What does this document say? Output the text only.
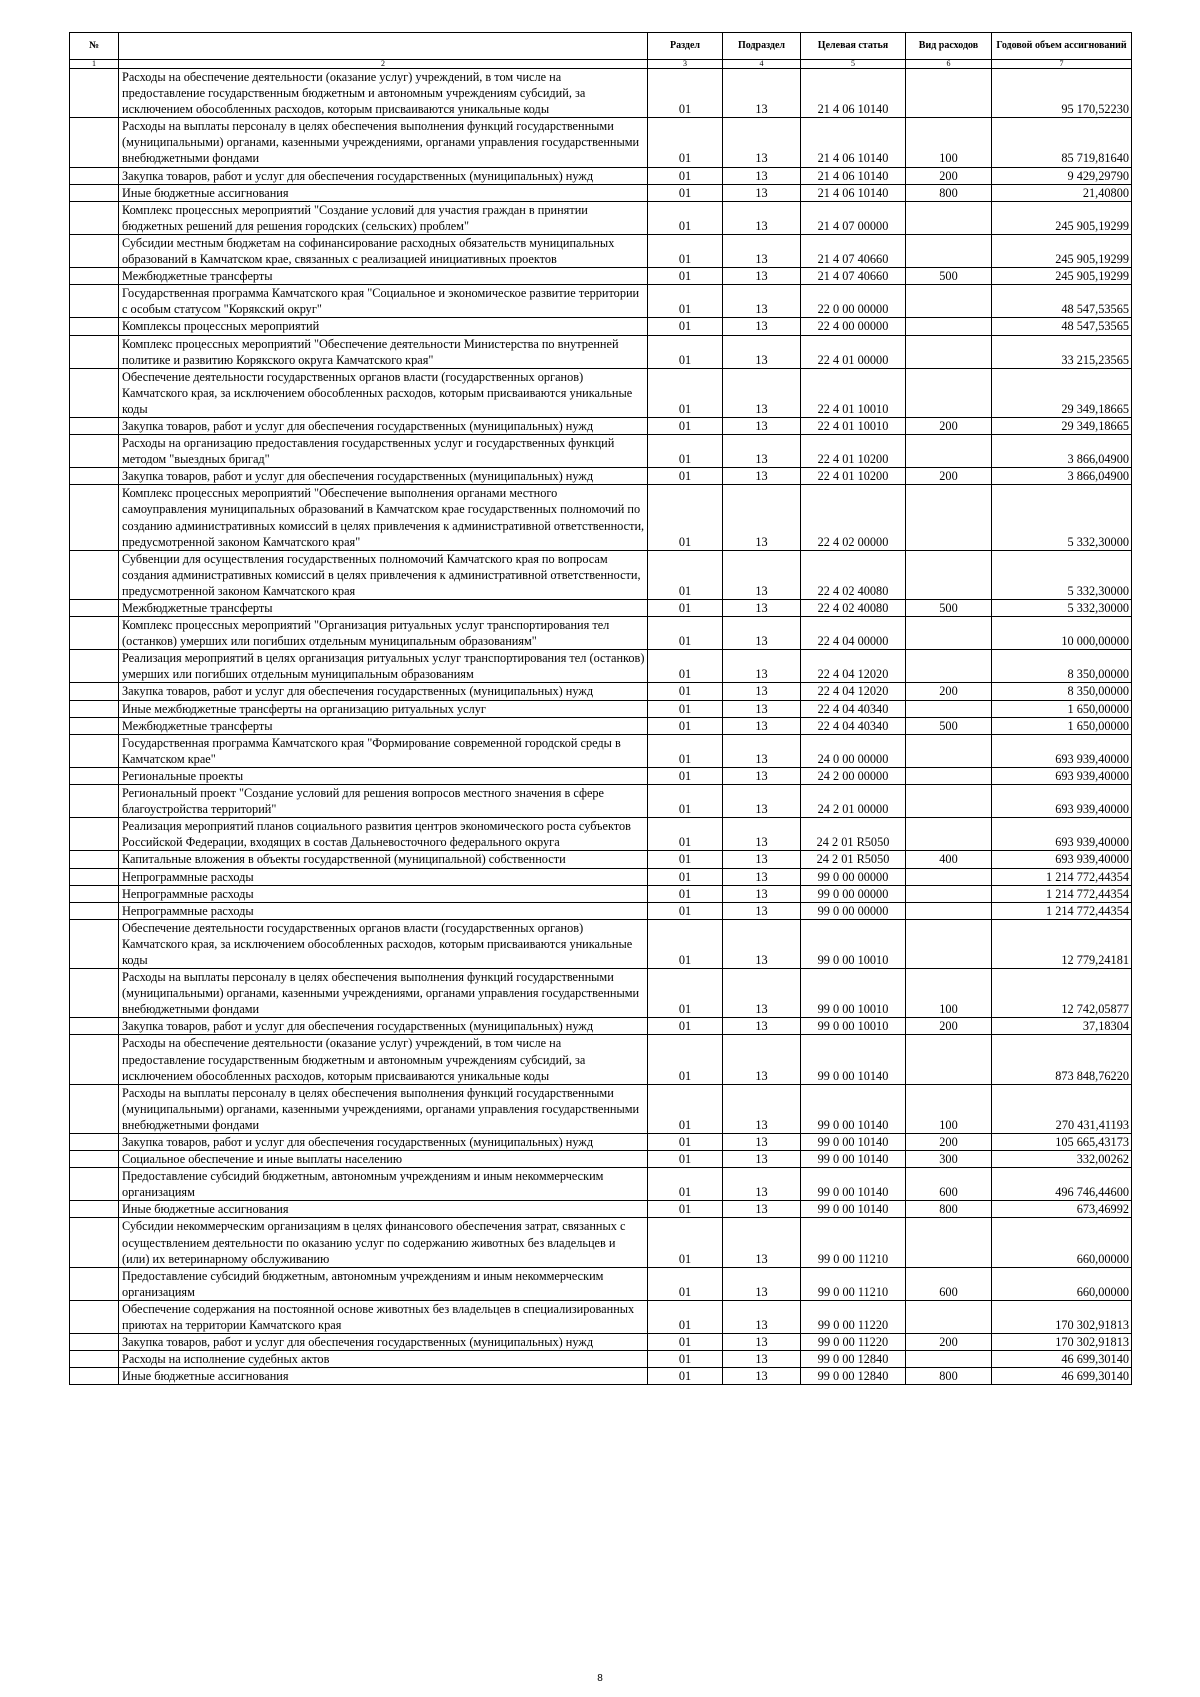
№		Раздел	Подраздел	Целевая статья	Вид расходов	Годовой объем ассигнований
1	2	3	4	5	6	7
	Расходы на обеспечение деятельности (оказание услуг) учреждений, в том числе на предоставление государственным бюджетным и автономным учреждениям субсидий, за исключением обособленных расходов, которым присваиваются уникальные коды	01	13	21 4 06 10140		95 170,52230
	Расходы на выплаты персоналу в целях обеспечения выполнения функций государственными (муниципальными) органами, казенными учреждениями, органами управления государственными внебюджетными фондами	01	13	21 4 06 10140	100	85 719,81640
	Закупка товаров, работ и услуг для обеспечения государственных (муниципальных) нужд	01	13	21 4 06 10140	200	9 429,29790
	Иные бюджетные ассигнования	01	13	21 4 06 10140	800	21,40800
	Комплекс процессных мероприятий "Создание условий для участия граждан в принятии бюджетных решений для решения городских (сельских) проблем"	01	13	21 4 07 00000		245 905,19299
	Субсидии местным бюджетам на софинансирование расходных обязательств муниципальных образований в Камчатском крае, связанных с реализацией инициативных проектов	01	13	21 4 07 40660		245 905,19299
	Межбюджетные трансферты	01	13	21 4 07 40660	500	245 905,19299
	Государственная программа Камчатского края "Социальное и экономическое развитие территории с особым статусом "Корякский округ"	01	13	22 0 00 00000		48 547,53565
	Комплексы процессных мероприятий	01	13	22 4 00 00000		48 547,53565
	Комплекс процессных мероприятий "Обеспечение деятельности Министерства по внутренней политике и развитию Корякского округа Камчатского края"	01	13	22 4 01 00000		33 215,23565
	Обеспечение деятельности государственных органов власти (государственных органов) Камчатского края, за исключением обособленных расходов, которым присваиваются уникальные коды	01	13	22 4 01 10010		29 349,18665
	Закупка товаров, работ и услуг для обеспечения государственных (муниципальных) нужд	01	13	22 4 01 10010	200	29 349,18665
	Расходы на организацию предоставления государственных услуг и государственных функций методом "выездных бригад"	01	13	22 4 01 10200		3 866,04900
	Закупка товаров, работ и услуг для обеспечения государственных (муниципальных) нужд	01	13	22 4 01 10200	200	3 866,04900
	Комплекс процессных мероприятий "Обеспечение выполнения органами местного самоуправления муниципальных образований в Камчатском крае государственных полномочий по созданию административных комиссий в целях привлечения к административной ответственности, предусмотренной законом Камчатского края"	01	13	22 4 02 00000		5 332,30000
	Субвенции для осуществления государственных полномочий Камчатского края по вопросам создания административных комиссий в целях привлечения к административной ответственности, предусмотренной законом Камчатского края	01	13	22 4 02 40080		5 332,30000
	Межбюджетные трансферты	01	13	22 4 02 40080	500	5 332,30000
	Комплекс процессных мероприятий "Организация ритуальных услуг транспортирования тел (останков) умерших или погибших отдельным муниципальным образованиям"	01	13	22 4 04 00000		10 000,00000
	Реализация мероприятий в целях организация ритуальных услуг транспортирования тел (останков) умерших или погибших отдельным муниципальным образованиям	01	13	22 4 04 12020		8 350,00000
	Закупка товаров, работ и услуг для обеспечения государственных (муниципальных) нужд	01	13	22 4 04 12020	200	8 350,00000
	Иные межбюджетные трансферты на организацию ритуальных услуг	01	13	22 4 04 40340		1 650,00000
	Межбюджетные трансферты	01	13	22 4 04 40340	500	1 650,00000
	Государственная программа Камчатского края "Формирование современной городской среды в Камчатском крае"	01	13	24 0 00 00000		693 939,40000
	Региональные проекты	01	13	24 2 00 00000		693 939,40000
	Региональный проект "Создание условий для решения вопросов местного значения в сфере благоустройства территорий"	01	13	24 2 01 00000		693 939,40000
	Реализация мероприятий планов социального развития центров экономического роста субъектов Российской Федерации, входящих в состав Дальневосточного федерального округа	01	13	24 2 01 R5050		693 939,40000
	Капитальные вложения в объекты государственной (муниципальной) собственности	01	13	24 2 01 R5050	400	693 939,40000
	Непрограммные расходы	01	13	99 0 00 00000		1 214 772,44354
	Непрограммные расходы	01	13	99 0 00 00000		1 214 772,44354
	Непрограммные расходы	01	13	99 0 00 00000		1 214 772,44354
	Обеспечение деятельности государственных органов власти (государственных органов) Камчатского края, за исключением обособленных расходов, которым присваиваются уникальные коды	01	13	99 0 00 10010		12 779,24181
	Расходы на выплаты персоналу в целях обеспечения выполнения функций государственными (муниципальными) органами, казенными учреждениями, органами управления государственными внебюджетными фондами	01	13	99 0 00 10010	100	12 742,05877
	Закупка товаров, работ и услуг для обеспечения государственных (муниципальных) нужд	01	13	99 0 00 10010	200	37,18304
	Расходы на обеспечение деятельности (оказание услуг) учреждений, в том числе на предоставление государственным бюджетным и автономным учреждениям субсидий, за исключением обособленных расходов, которым присваиваются уникальные коды	01	13	99 0 00 10140		873 848,76220
	Расходы на выплаты персоналу в целях обеспечения выполнения функций государственными (муниципальными) органами, казенными учреждениями, органами управления государственными внебюджетными фондами	01	13	99 0 00 10140	100	270 431,41193
	Закупка товаров, работ и услуг для обеспечения государственных (муниципальных) нужд	01	13	99 0 00 10140	200	105 665,43173
	Социальное обеспечение и иные выплаты населению	01	13	99 0 00 10140	300	332,00262
	Предоставление субсидий бюджетным, автономным учреждениям и иным некоммерческим организациям	01	13	99 0 00 10140	600	496 746,44600
	Иные бюджетные ассигнования	01	13	99 0 00 10140	800	673,46992
	Субсидии некоммерческим организациям в целях финансового обеспечения затрат, связанных с осуществлением деятельности по оказанию услуг по содержанию животных без владельцев и (или) их ветеринарному обслуживанию	01	13	99 0 00 11210		660,00000
	Предоставление субсидий бюджетным, автономным учреждениям и иным некоммерческим организациям	01	13	99 0 00 11210	600	660,00000
	Обеспечение содержания на постоянной основе животных без владельцев в специализированных приютах на территории Камчатского края	01	13	99 0 00 11220		170 302,91813
	Закупка товаров, работ и услуг для обеспечения государственных (муниципальных) нужд	01	13	99 0 00 11220	200	170 302,91813
	Расходы на исполнение судебных актов	01	13	99 0 00 12840		46 699,30140
	Иные бюджетные ассигнования	01	13	99 0 00 12840	800	46 699,30140
8
